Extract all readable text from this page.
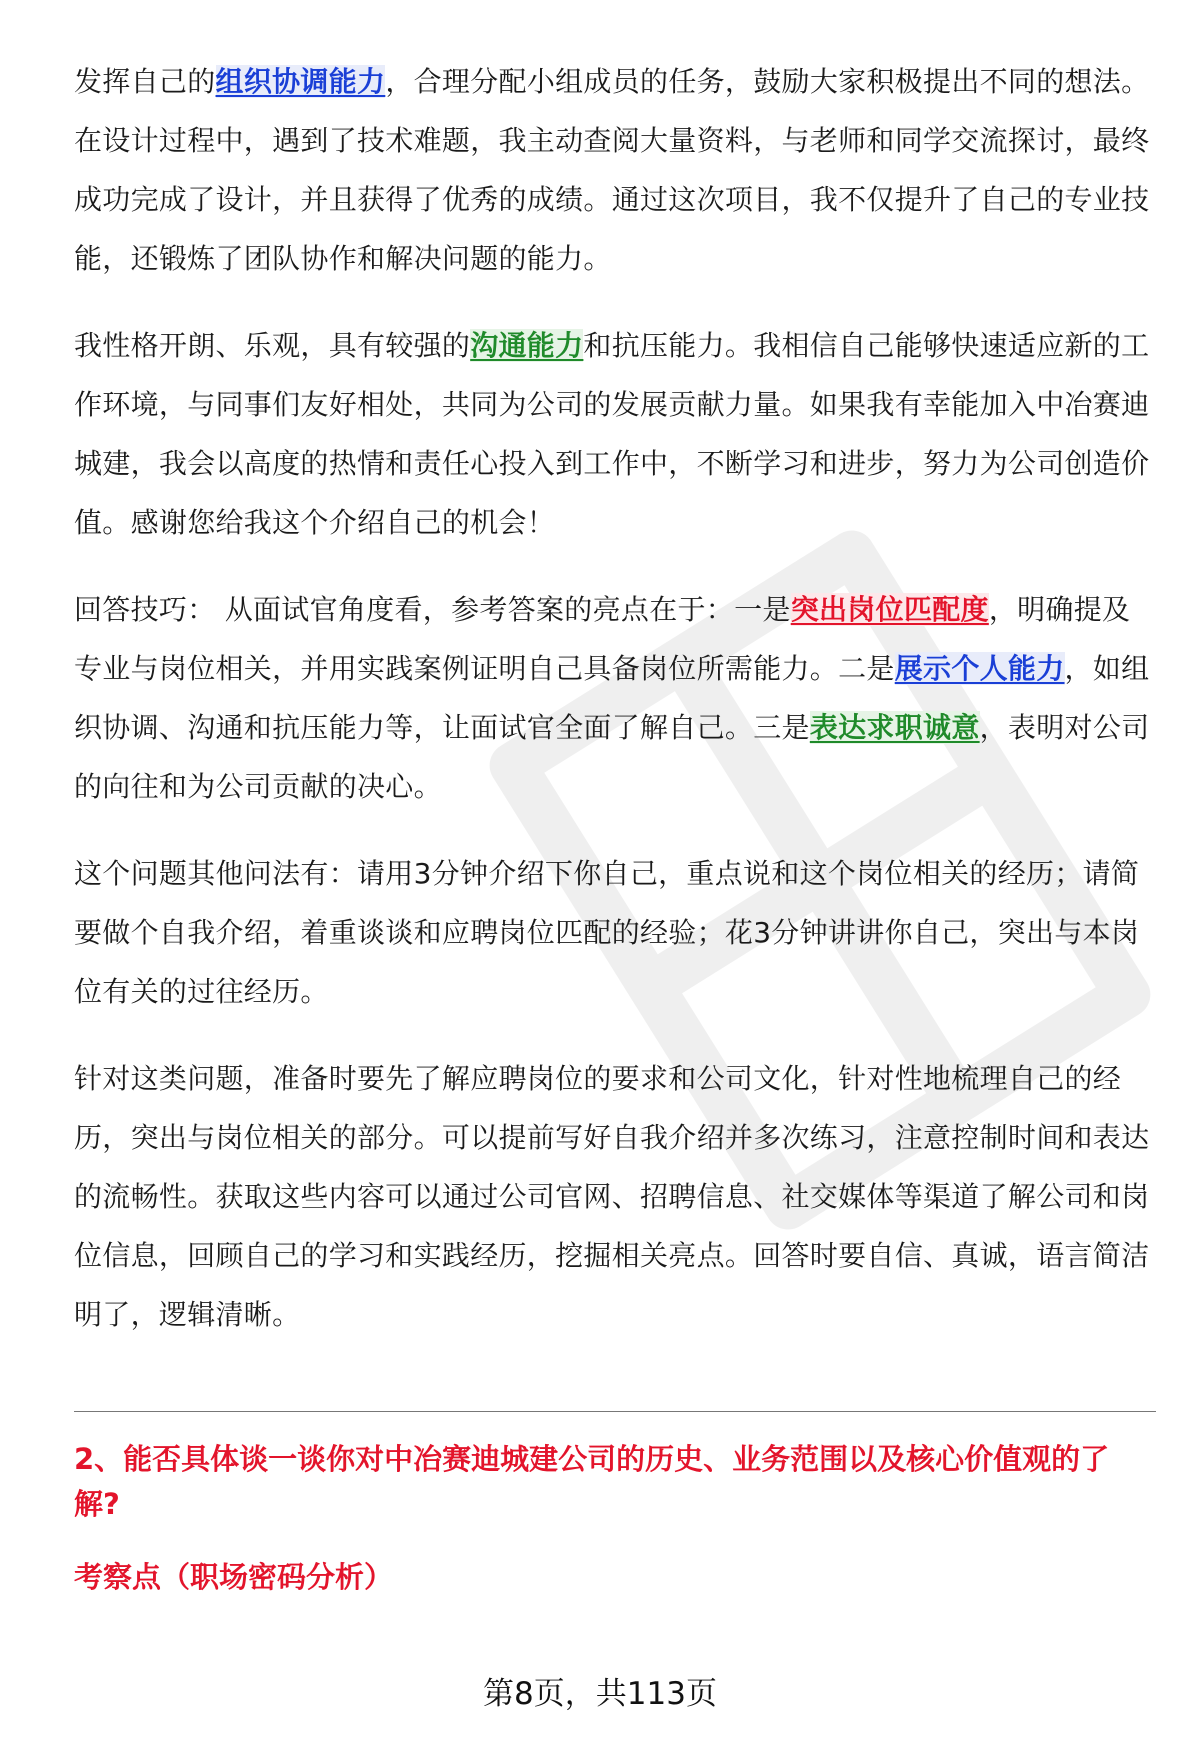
发挥自己的组织协调能力，合理分配小组成员的任务，鼓励大家积极提出不同的想法。在设计过程中，遇到了技术难题，我主动查阅大量资料，与老师和同学交流探讨，最终成功完成了设计，并且获得了优秀的成绩。通过这次项目，我不仅提升了自己的专业技能，还锻炼了团队协作和解决问题的能力。

我性格开朗、乐观，具有较强的沟通能力和抗压能力。我相信自己能够快速适应新的工作环境，与同事们友好相处，共同为公司的发展贡献力量。如果我有幸能加入中冶赛迪城建，我会以高度的热情和责任心投入到工作中，不断学习和进步，努力为公司创造价值。感谢您给我这个介绍自己的机会！

回答技巧： 从面试官角度看，参考答案的亮点在于：一是突出岗位匹配度，明确提及专业与岗位相关，并用实践案例证明自己具备岗位所需能力。二是展示个人能力，如组织协调、沟通和抗压能力等，让面试官全面了解自己。三是表达求职诚意，表明对公司的向往和为公司贡献的决心。

这个问题其他问法有：请用3分钟介绍下你自己，重点说和这个岗位相关的经历；请简要做个自我介绍，着重谈谈和应聘岗位匹配的经验；花3分钟讲讲你自己，突出与本岗位有关的过往经历。

针对这类问题，准备时要先了解应聘岗位的要求和公司文化，针对性地梳理自己的经历，突出与岗位相关的部分。可以提前写好自我介绍并多次练习，注意控制时间和表达的流畅性。获取这些内容可以通过公司官网、招聘信息、社交媒体等渠道了解公司和岗位信息，回顾自己的学习和实践经历，挖掘相关亮点。回答时要自信、真诚，语言简洁明了，逻辑清晰。

2、能否具体谈一谈你对中冶赛迪城建公司的历史、业务范围以及核心价值观的了解?
考察点（职场密码分析）
第8页，共113页
